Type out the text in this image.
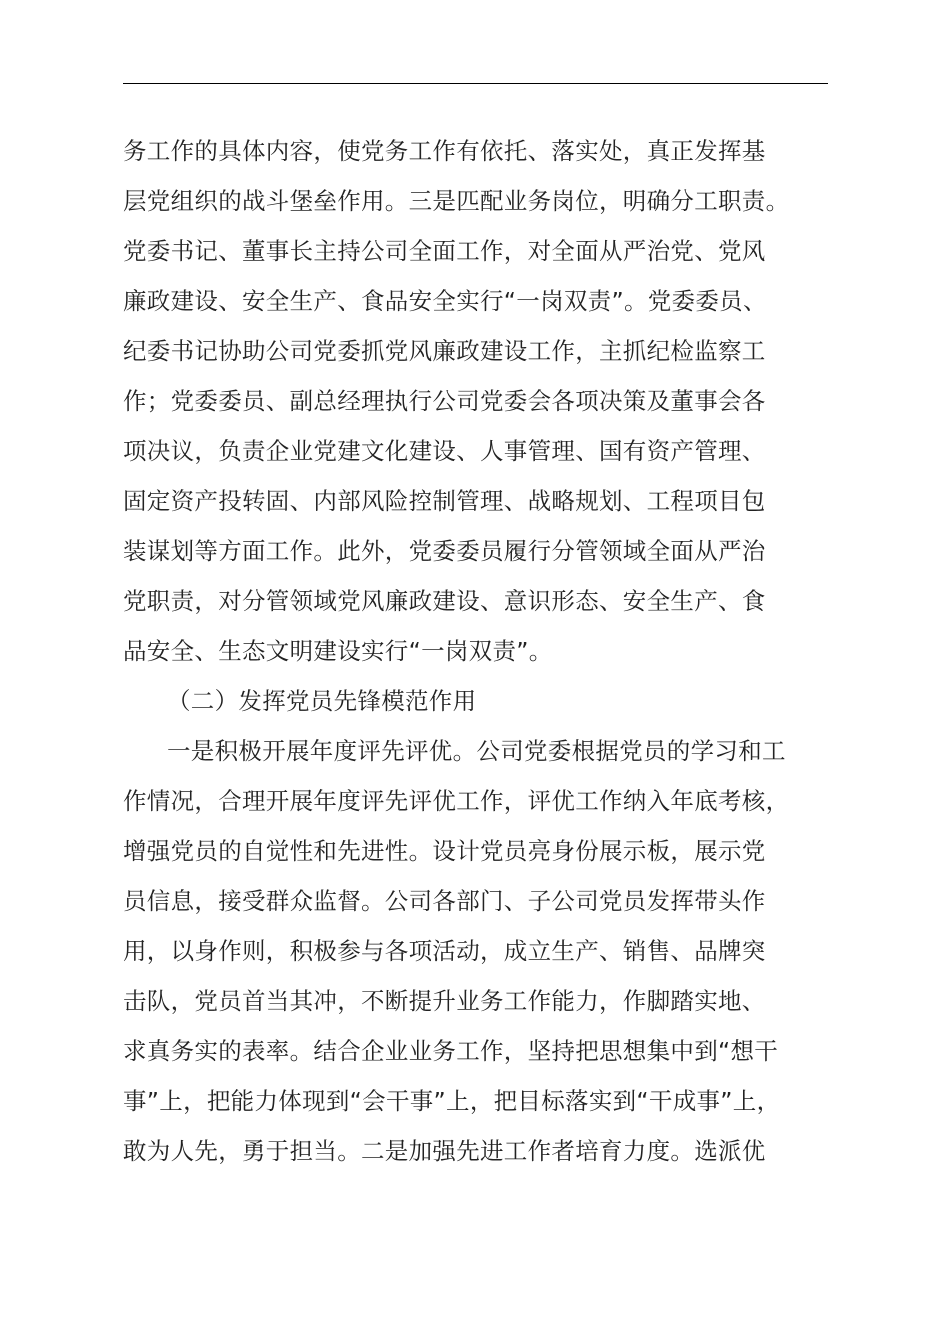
务工作的具体内容，使党务工作有依托、落实处，真正发挥基
层党组织的战斗堡垒作用。三是匹配业务岗位，明确分工职责。
党委书记、董事长主持公司全面工作，对全面从严治党、党风
廉政建设、安全生产、食品安全实行“一岗双责”。党委委员、
纪委书记协助公司党委抓党风廉政建设工作，主抓纪检监察工
作；党委委员、副总经理执行公司党委会各项决策及董事会各
项决议，负责企业党建文化建设、人事管理、国有资产管理、
固定资产投转固、内部风险控制管理、战略规划、工程项目包
装谋划等方面工作。此外，党委委员履行分管领域全面从严治
党职责，对分管领域党风廉政建设、意识形态、安全生产、食
品安全、生态文明建设实行“一岗双责”。
（二）发挥党员先锋模范作用
一是积极开展年度评先评优。公司党委根据党员的学习和工
作情况，合理开展年度评先评优工作，评优工作纳入年底考核，
增强党员的自觉性和先进性。设计党员亮身份展示板，展示党
员信息，接受群众监督。公司各部门、子公司党员发挥带头作
用，以身作则，积极参与各项活动，成立生产、销售、品牌突
击队，党员首当其冲，不断提升业务工作能力，作脚踏实地、
求真务实的表率。结合企业业务工作，坚持把思想集中到“想干
事”上，把能力体现到“会干事”上，把目标落实到“干成事”上，
敢为人先，勇于担当。二是加强先进工作者培育力度。选派优
